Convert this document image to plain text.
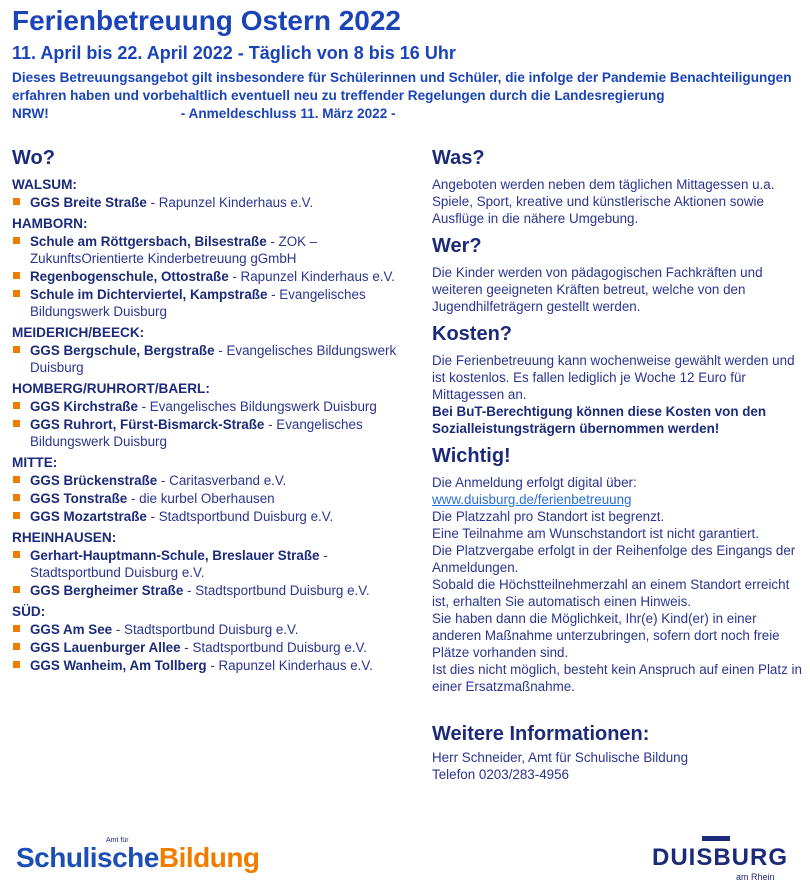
Ferienbetreuung Ostern 2022
11. April bis 22. April 2022 - Täglich von 8 bis 16 Uhr
Dieses Betreuungsangebot gilt insbesondere für Schülerinnen und Schüler, die infolge der Pandemie Benachteiligungen erfahren haben und vorbehaltlich eventuell neu zu treffender Regelungen durch die Landesregierung NRW!	- Anmeldeschluss 11. März 2022 -
Wo?
WALSUM:
GGS Breite Straße - Rapunzel Kinderhaus e.V.
HAMBORN:
Schule am Röttgersbach, Bilsestraße - ZOK – ZukunftsOrientierte Kinderbetreuung gGmbH
Regenbogenschule, Ottostraße - Rapunzel Kinderhaus e.V.
Schule im Dichterviertel, Kampstraße - Evangelisches Bildungswerk Duisburg
MEIDERICH/BEECK:
GGS Bergschule, Bergstraße - Evangelisches Bildungswerk Duisburg
HOMBERG/RUHRORT/BAERL:
GGS Kirchstraße - Evangelisches Bildungswerk Duisburg
GGS Ruhrort, Fürst-Bismarck-Straße - Evangelisches Bildungswerk Duisburg
MITTE:
GGS Brückenstraße - Caritasverband e.V.
GGS Tonstraße - die kurbel Oberhausen
GGS Mozartstraße - Stadtsportbund Duisburg e.V.
RHEINHAUSEN:
Gerhart-Hauptmann-Schule, Breslauer Straße - Stadtsportbund Duisburg e.V.
GGS Bergheimer Straße - Stadtsportbund Duisburg e.V.
SÜD:
GGS Am See - Stadtsportbund Duisburg e.V.
GGS Lauenburger Allee - Stadtsportbund Duisburg e.V.
GGS Wanheim, Am Tollberg - Rapunzel Kinderhaus e.V.
Was?

Angeboten werden neben dem täglichen Mittagessen u.a. Spiele, Sport, kreative und künstlerische Aktionen sowie Ausflüge in die nähere Umgebung.

Wer?

Die Kinder werden von pädagogischen Fachkräften und weiteren geeigneten Kräften betreut, welche von den Jugendhilfeträgern gestellt werden.

Kosten?

Die Ferienbetreuung kann wochenweise gewählt werden und ist kostenlos. Es fallen lediglich je Woche 12 Euro für Mittagessen an.

Bei BuT-Berechtigung können diese Kosten von den Sozialleistungsträgern übernommen werden!

Wichtig!

Die Anmeldung erfolgt digital über:

www.duisburg.de/ferienbetreuung

Die Platzzahl pro Standort ist begrenzt.

Eine Teilnahme am Wunschstandort ist nicht garantiert.

Die Platzvergabe erfolgt in der Reihenfolge des Eingangs der Anmeldungen.

Sobald die Höchstteilnehmerzahl an einem Standort erreicht ist, erhalten Sie automatisch einen Hinweis.

Sie haben dann die Möglichkeit, Ihr(e) Kind(er) in einer anderen Maßnahme unterzubringen, sofern dort noch freie Plätze vorhanden sind.

Ist dies nicht möglich, besteht kein Anspruch auf einen Platz in einer Ersatzmaßnahme.

Weitere Informationen:

Herr Schneider, Amt für Schulische Bildung

Telefon 0203/283-4956

Amt für
SchulischeBildung	DUISBURG
am Rhein
